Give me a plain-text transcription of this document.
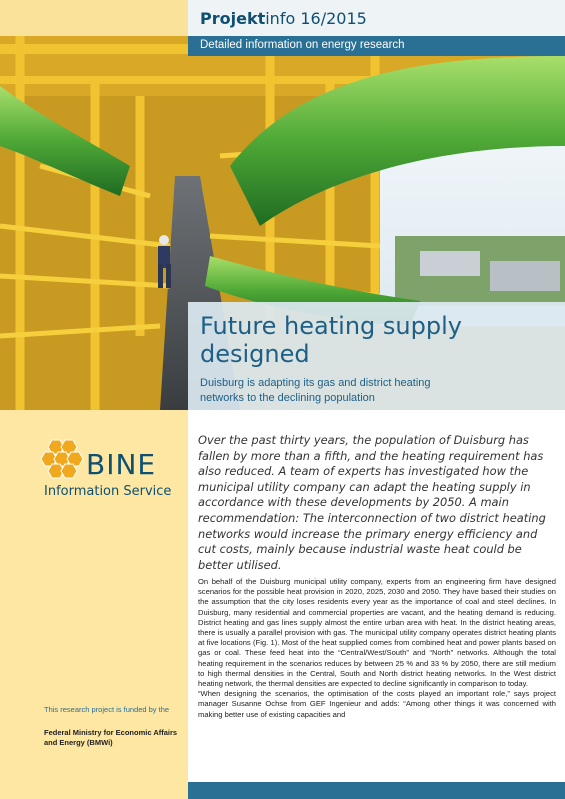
Projektinfo 16/2015
Detailed information on energy research
Future heating supply designed
Duisburg is adapting its gas and district heating networks to the declining population
BINE
Information Service
Over the past thirty years, the population of Duisburg has fallen by more than a fifth, and the heating requirement has also reduced. A team of experts has investigated how the municipal utility company can adapt the heating supply in accordance with these developments by 2050. A main recommendation: The interconnection of two district heating networks would increase the primary energy efficiency and cut costs, mainly because industrial waste heat could be better utilised.

On behalf of the Duisburg municipal utility company, experts from an engineering firm have designed scenarios for the possible heat provision in 2020, 2025, 2030 and 2050. They have based their studies on the assumption that the city loses residents every year as the importance of coal and steel declines. In Duisburg, many residential and commercial properties are vacant, and the heating demand is reducing. District heating and gas lines supply almost the entire urban area with heat. In the district heating areas, there is usually a parallel provision with gas. The municipal utility company operates district heating plants at five locations (Fig. 1). Most of the heat supplied comes from combined heat and power plants based on gas or coal. These feed heat into the “Central/West/South” and “North” networks. Although the total heating requirement in the scenarios reduces by between 25 % and 33 % by 2050, there are still medium to high thermal densities in the Central, South and North district heating networks. In the West district heating network, the thermal densities are expected to decline significantly in comparison to today.

“When designing the scenarios, the optimisation of the costs played an important role,” says project manager Susanne Ochse from GEF Ingenieur and adds: “Among other things it was concerned with making better use of existing capacities and

This research project is funded by the
Federal Ministry for Economic Affairs and Energy (BMWi)
